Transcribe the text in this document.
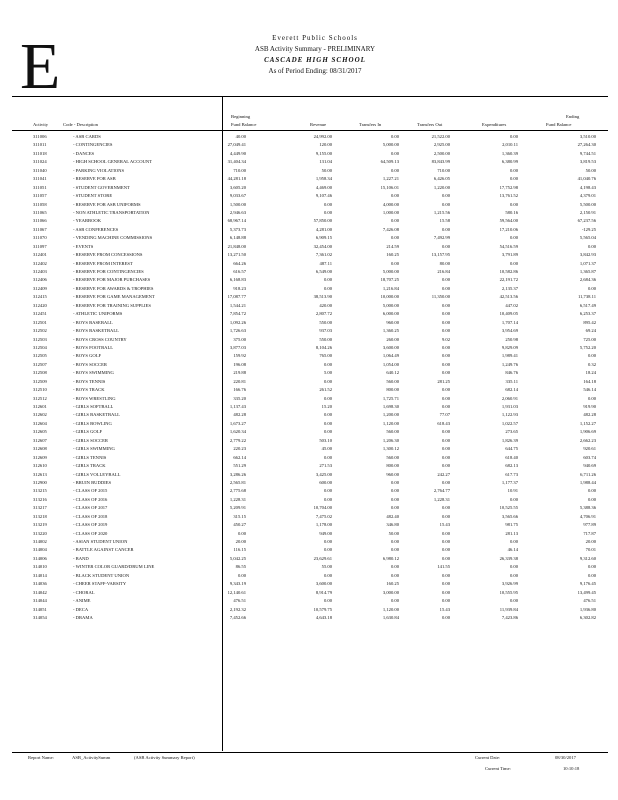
E	Everett Public Schools
ASB Activity Summary - PRELIMINARY
CASCADE HIGH SCHOOL
As of Period Ending: 08/31/2017
Activity	Code - Description
Beginning
Fund Balance	Revenue	Transfers In	Transfers Out	Expenditures
Ending
Fund Balance
311006	- ASB CARDS	40.00	24,992.00	0.00	21,522.00	0.00	3,510.00
311011	- CONTINGENCIES	27,049.41	120.00	5,000.00	2,925.00	2,010.11	27,264.30
311018	- DANCES	4,449.90	9,155.00	0.00	2,500.00	1,360.39	9,744.51
311024	- HIGH SCHOOL GENERAL ACCOUNT	31,404.34	131.04	64,509.13	83,843.99	6,380.99	3,819.53
311040	- PARKING VIOLATIONS	710.00	50.00	0.00	710.00	0.00	50.00
311041	- RESERVE FOR ASB	44,281.18	1,958.34	1,227.21	6,426.05	0.00	41,040.76
311051	- STUDENT GOVERNMENT	3,605.20	4,469.00	15,106.01	1,220.00	17,752.98	4,198.43
311057	- STUDENT STORE	9,033.67	9,107.46	0.00	0.00	13,761.52	4,379.01
311058	- RESERVE FOR ASB UNIFORMS	1,500.00	0.00	4,000.00	0.00	0.00	5,500.00
311065	- NON ATHLETIC TRANSPORTATION	2,946.63	0.00	1,000.00	1,215.56	580.16	2,150.91
311066	- YEARBOOK	68,967.14	57,850.00	0.00	15.58	59,564.00	67,237.56
311067	- ASB CONFERENCES	5,373.73	4,281.00	7,426.08	0.00	17,210.06	-129.25
311070	- VENDING MACHINE COMMISSIONS	6,148.88	6,909.15	0.00	7,492.99	0.00	5,565.04
311097	- EVENTS	21,848.00	32,454.00	214.59	0.00	54,516.59	0.00
312401	- RESERVE FROM CONCESSIONS	13,271.50	7,361.02	160.25	13,157.95	3,791.89	3,842.93
312402	- RESERVE FROM INTEREST	664.26	487.11	0.00	80.00	0.00	1,071.37
312403	- RESERVE FOR CONTINGENCIES	616.57	6,549.00	5,000.00	216.84	10,582.86	1,365.87
312406	- RESERVE FOR MAJOR PURCHASES	6,168.83	0.00	18,707.25	0.00	22,191.72	2,684.36
312409	- RESERVE FOR AWARDS & TROPHIES	918.23	0.00	1,216.84	0.00	2,135.37	0.00
312415	- RESERVE FOR GAME MANAGEMENT	17,087.77	38,513.90	10,000.00	11,350.00	42,513.56	11,738.11
312420	- RESERVE FOR TRAINING SUPPLIES	1,544.21	420.00	5,000.00	0.00	447.02	6,517.49
312451	- ATHLETIC UNIFORMS	7,854.72	2,807.72	6,000.00	0.00	10,409.05	6,253.37
312501	- BOYS BASEBALL	1,092.26	550.00	960.00	0.00	1,707.14	895.42
312502	- BOYS BASKETBALL	1,726.63	937.03	1,360.25	0.00	3,954.69	69.24
312503	- BOYS CROSS COUNTRY	375.00	550.00	260.00	9.02	250.98	725.00
312504	- BOYS FOOTBALL	3,877.03	8,104.26	3,600.00	0.00	9,829.09	5,752.20
312505	- BOYS GOLF	159.92	765.00	1,064.49	0.00	1,989.41	0.00
312507	- BOYS SOCCER	196.08	0.00	1,054.00	0.00	1,249.76	0.32
312508	- BOYS SWIMMING	219.88	5.00	640.12	0.00	846.76	18.24
312509	- BOYS TENNIS	220.81	0.00	560.00	281.25	335.11	164.18
312510	- BOYS TRACK	166.76	261.52	800.00	0.00	682.14	546.14
312512	- BOYS WRESTLING	335.20	0.00	1,725.71	0.00	2,060.91	0.00
312601	- GIRLS SOFTBALL	1,137.43	15.20	1,698.30	0.00	1,931.03	919.90
312602	- GIRLS BASKETBALL	482.28	0.00	1,200.00	77.07	1,122.93	482.28
312604	- GIRLS BOWLING	1,673.27	0.00	1,120.00	618.43	1,022.57	1,152.27
312605	- GIRLS GOLF	1,620.34	0.00	560.00	0.00	273.65	1,906.69
312607	- GIRLS SOCCER	2,779.22	503.10	1,206.30	0.00	1,826.39	2,662.23
312608	- GIRLS SWIMMING	220.23	45.00	1,300.12	0.00	644.75	920.61
312609	- GIRLS TENNIS	662.14	0.00	560.00	0.00	618.40	603.74
312610	- GIRLS TRACK	551.29	271.53	800.00	0.00	682.13	940.69
312613	- GIRLS VOLLEYBALL	3,286.26	3,425.00	960.00	242.27	617.73	6,711.26
312900	- BRUIN BUDDIES	2,565.81	600.00	0.00	0.00	1,177.37	1,988.44
313215	- CLASS OF 2015	2,775.68	0.00	0.00	2,764.77	10.91	0.00
313216	- CLASS OF 2016	1,228.31	0.00	0.00	1,228.31	0.00	0.00
313217	- CLASS OF 2017	5,209.91	10,704.00	0.00	0.00	10,525.55	5,388.36
313218	- CLASS OF 2018	315.15	7,475.02	482.40	0.00	3,565.66	4,706.91
313219	- CLASS OF 2019	450.27	1,178.00	346.80	15.43	981.75	977.89
313220	- CLASS OF 2020	0.00	949.00	50.00	0.00	281.13	717.87
314002	- ASIAN STUDENT UNION	20.00	0.00	0.00	0.00	0.00	20.00
314004	- BATTLE AGAINST CANCER	116.15	0.00	0.00	0.00	46.14	70.01
314006	- BAND	5,042.25	23,629.61	6,980.12	0.00	26,339.38	9,312.60
314010	- WINTER COLOR GUARD/DRUM LINE	86.55	55.00	0.00	141.55	0.00	0.00
314014	- BLACK STUDENT UNION	0.00	0.00	0.00	0.00	0.00	0.00
314036	- CHEER STAFF-VARSITY	9,343.19	3,600.00	160.25	0.00	3,926.99	9,176.45
314042	- CHORAL	12,140.61	8,914.79	3,000.00	0.00	10,555.95	13,499.45
314044	- ANIME	476.51	0.00	0.00	0.00	0.00	476.51
314051	- DECA	2,192.32	10,579.75	1,120.00	15.43	11,939.84	1,936.80
314054	- DRAMA	7,452.66	4,643.18	1,630.84	0.00	7,423.86	6,302.82
Report Name:	ASB_ActivitySumm	(ASB Activity Summary Report)	Current Date:	08/30/2017
Current Time:	10:10:18
